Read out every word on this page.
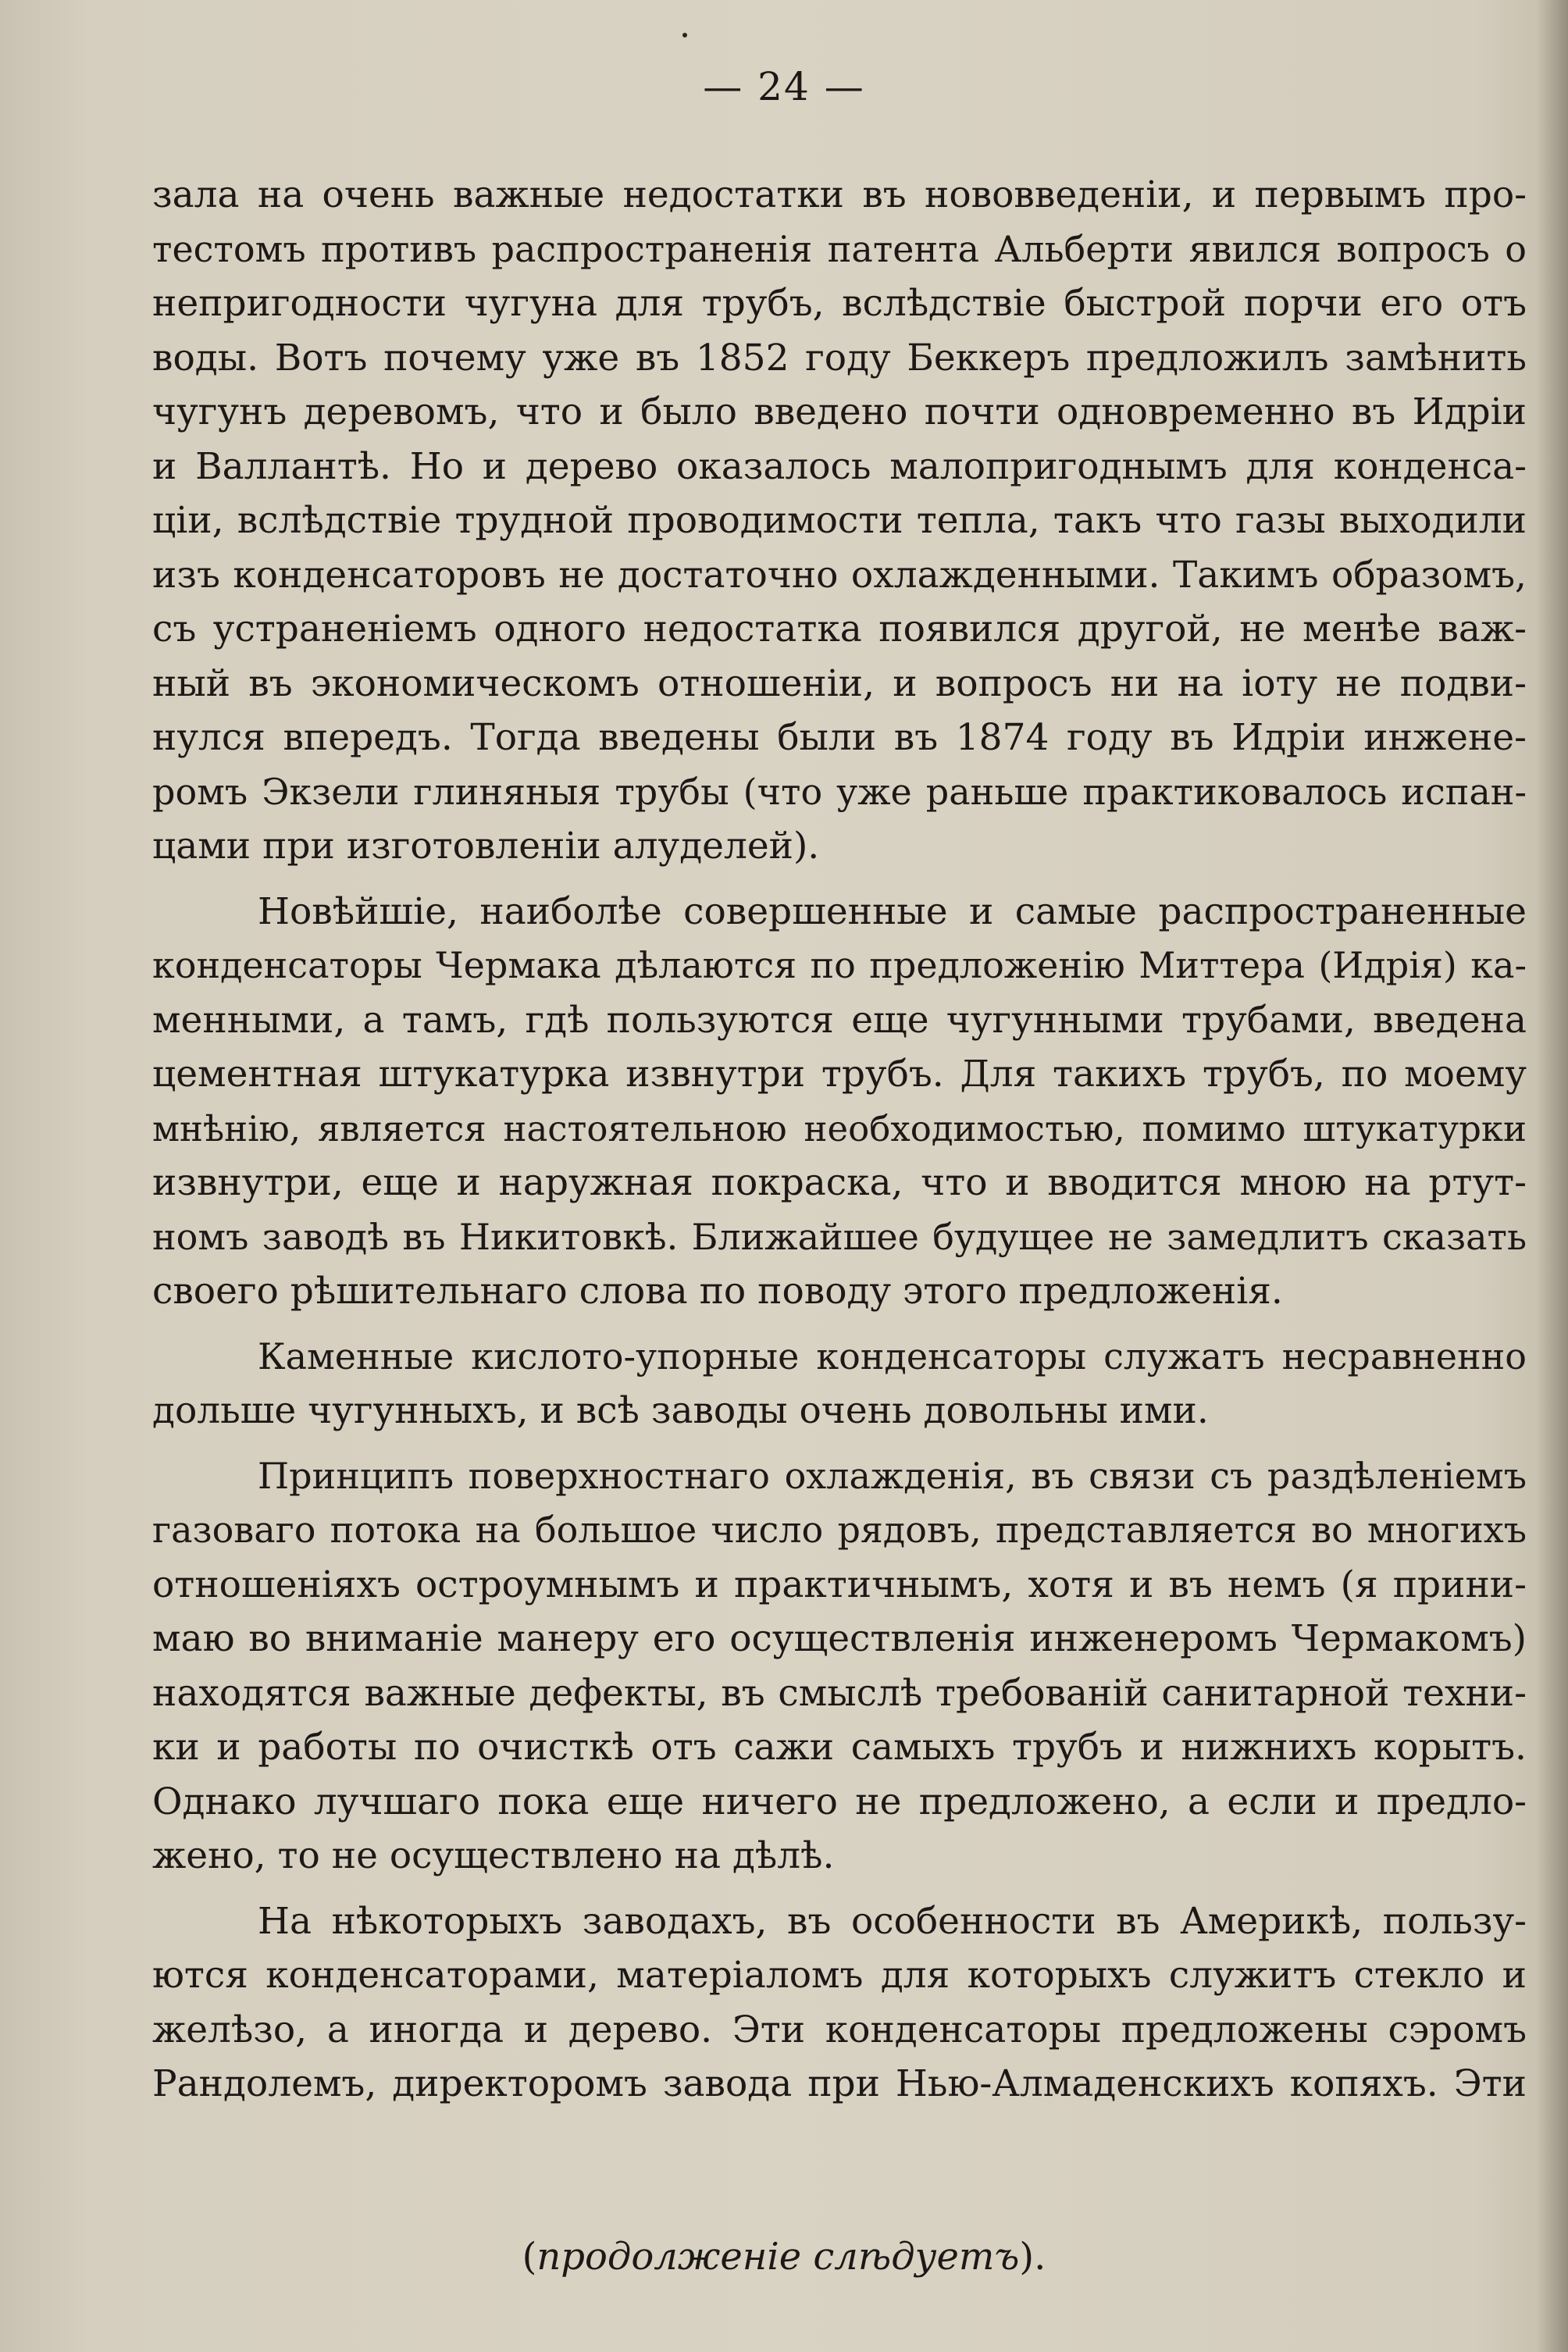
— 24 —
зала на очень важные недостатки въ нововведенiи, и первымъ про-
тестомъ противъ распространенiя патента Альберти явился вопросъ о
непригодности чугуна для трубъ, вслѣдствiе быстрой порчи его отъ
воды. Вотъ почему уже въ 1852 году Беккеръ предложилъ замѣнить
чугунъ деревомъ, что и было введено почти одновременно въ Идрiи
и Валлантѣ. Но и дерево оказалось малопригоднымъ для конденса-
цiи, вслѣдствiе трудной проводимости тепла, такъ что газы выходили
изъ конденсаторовъ не достаточно охлажденными. Такимъ образомъ,
съ устраненiемъ одного недостатка появился другой, не менѣе важ-
ный въ экономическомъ отношенiи, и вопросъ ни на iоту не подви-
нулся впередъ. Тогда введены были въ 1874 году въ Идрiи инжене-
ромъ Экзели глиняныя трубы (что уже раньше практиковалось испан-
цами при изготовленiи алуделей).
Новѣйшiе, наиболѣе совершенные и самые распространенные
конденсаторы Чермака дѣлаются по предложенiю Миттера (Идрiя) ка-
менными, а тамъ, гдѣ пользуются еще чугунными трубами, введена
цементная штукатурка извнутри трубъ. Для такихъ трубъ, по моему
мнѣнiю, является настоятельною необходимостью, помимо штукатурки
извнутри, еще и наружная покраска, что и вводится мною на ртут-
номъ заводѣ въ Никитовкѣ. Ближайшее будущее не замедлитъ сказать
своего рѣшительнаго слова по поводу этого предложенiя.
Каменные кислото-упорные конденсаторы служатъ несравненно
дольше чугунныхъ, и всѣ заводы очень довольны ими.
Принципъ поверхностнаго охлажденiя, въ связи съ раздѣленiемъ
газоваго потока на большое число рядовъ, представляется во многихъ
отношенiяхъ остроумнымъ и практичнымъ, хотя и въ немъ (я прини-
маю во вниманiе манеру его осуществленiя инженеромъ Чермакомъ)
находятся важные дефекты, въ смыслѣ требованiй санитарной техни-
ки и работы по очисткѣ отъ сажи самыхъ трубъ и нижнихъ корытъ.
Однако лучшаго пока еще ничего не предложено, а если и предло-
жено, то не осуществлено на дѣлѣ.
На нѣкоторыхъ заводахъ, въ особенности въ Америкѣ, пользу-
ются конденсаторами, матерiаломъ для которыхъ служитъ стекло и
желѣзо, а иногда и дерево. Эти конденсаторы предложены сэромъ
Рандолемъ, директоромъ завода при Нью-Алмаденскихъ копяхъ. Эти
(продолженiе слѣдуетъ).
